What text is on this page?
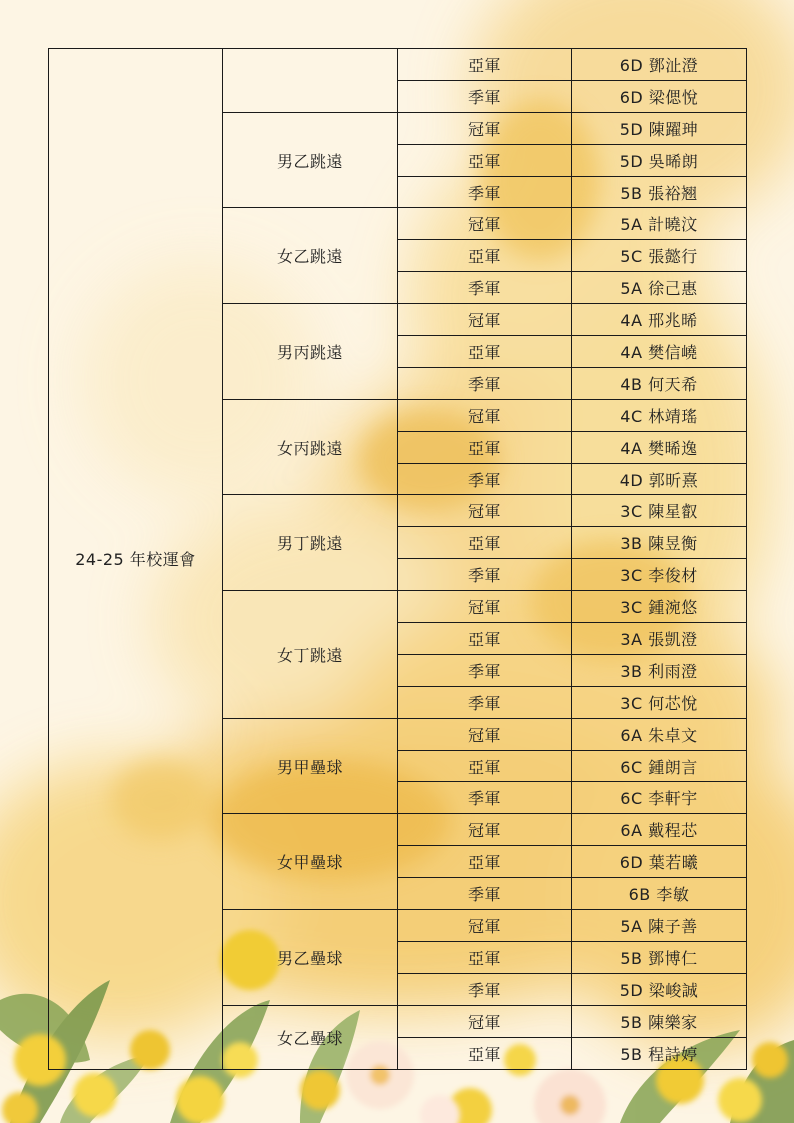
24-25 年校運會		亞軍	6D 鄧沚澄
		季軍	6D 梁偲悅
	男乙跳遠	冠軍	5D 陳躍珅
		亞軍	5D 吳晞朗
		季軍	5B 張裕翘
	女乙跳遠	冠軍	5A 計曉汶
		亞軍	5C 張懿行
		季軍	5A 徐己惠
	男丙跳遠	冠軍	4A 邢兆晞
		亞軍	4A 樊信嶢
		季軍	4B 何天希
	女丙跳遠	冠軍	4C 林靖瑤
		亞軍	4A 樊晞逸
		季軍	4D 郭昕熹
	男丁跳遠	冠軍	3C 陳星叡
		亞軍	3B 陳昱衡
		季軍	3C 李俊材
	女丁跳遠	冠軍	3C 鍾涴悠
		亞軍	3A 張凱澄
		季軍	3B 利雨澄
		季軍	3C 何芯悅
	男甲壘球	冠軍	6A 朱卓文
		亞軍	6C 鍾朗言
		季軍	6C 李軒宇
	女甲壘球	冠軍	6A 戴程芯
		亞軍	6D 葉若曦
		季軍	6B 李敏
	男乙壘球	冠軍	5A 陳子善
		亞軍	5B 鄧博仁
		季軍	5D 梁峻誠
	女乙壘球	冠軍	5B 陳樂家
		亞軍	5B 程詩婷
